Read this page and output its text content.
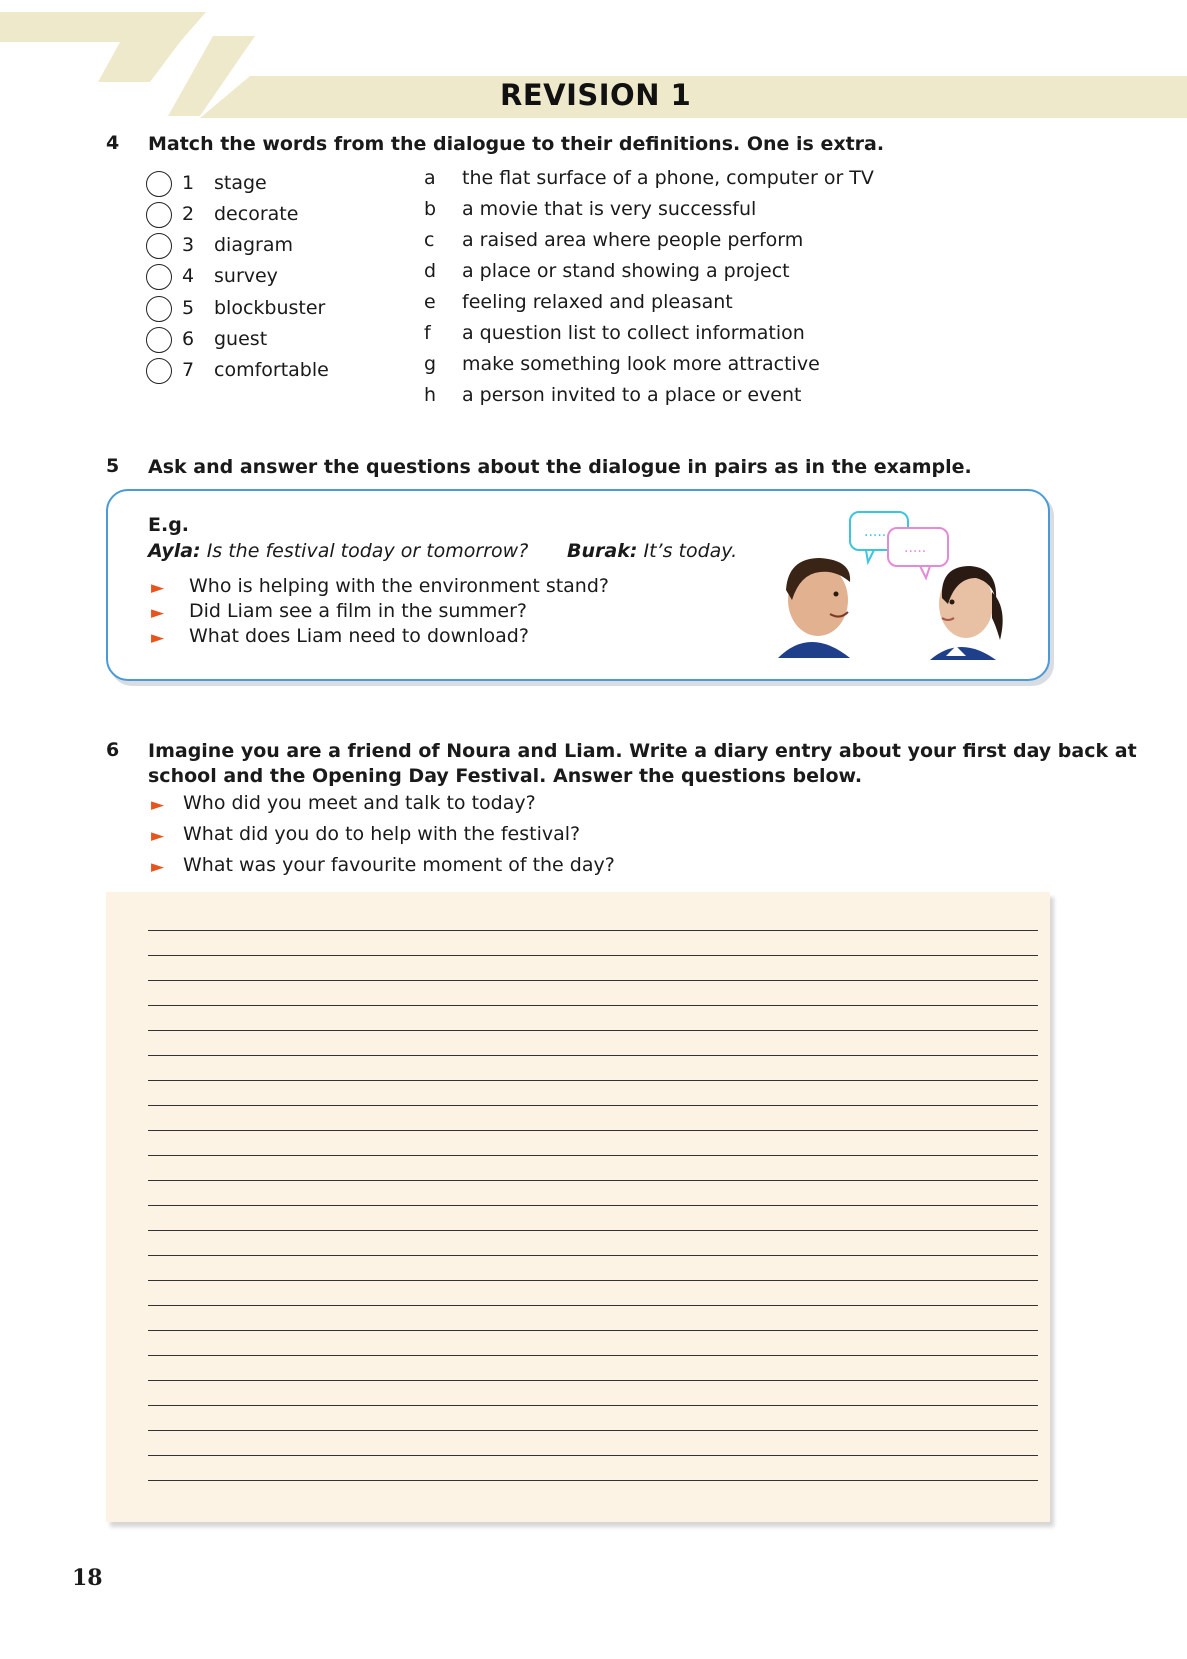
REVISION 1
4 Match the words from the dialogue to their definitions. One is extra.
1 stage
2 decorate
3 diagram
4 survey
5 blockbuster
6 guest
7 comfortable
a the flat surface of a phone, computer or TV
b a movie that is very successful
c a raised area where people perform
d a place or stand showing a project
e feeling relaxed and pleasant
f a question list to collect information
g make something look more attractive
h a person invited to a place or event
5 Ask and answer the questions about the dialogue in pairs as in the example.
E.g.
Ayla: Is the festival today or tomorrow? Burak: It’s today.
► Who is helping with the environment stand?
► Did Liam see a film in the summer?
► What does Liam need to download?
.....
.....
6 Imagine you are a friend of Noura and Liam. Write a diary entry about your first day back at
school and the Opening Day Festival. Answer the questions below.
► Who did you meet and talk to today?
► What did you do to help with the festival?
► What was your favourite moment of the day?
18
